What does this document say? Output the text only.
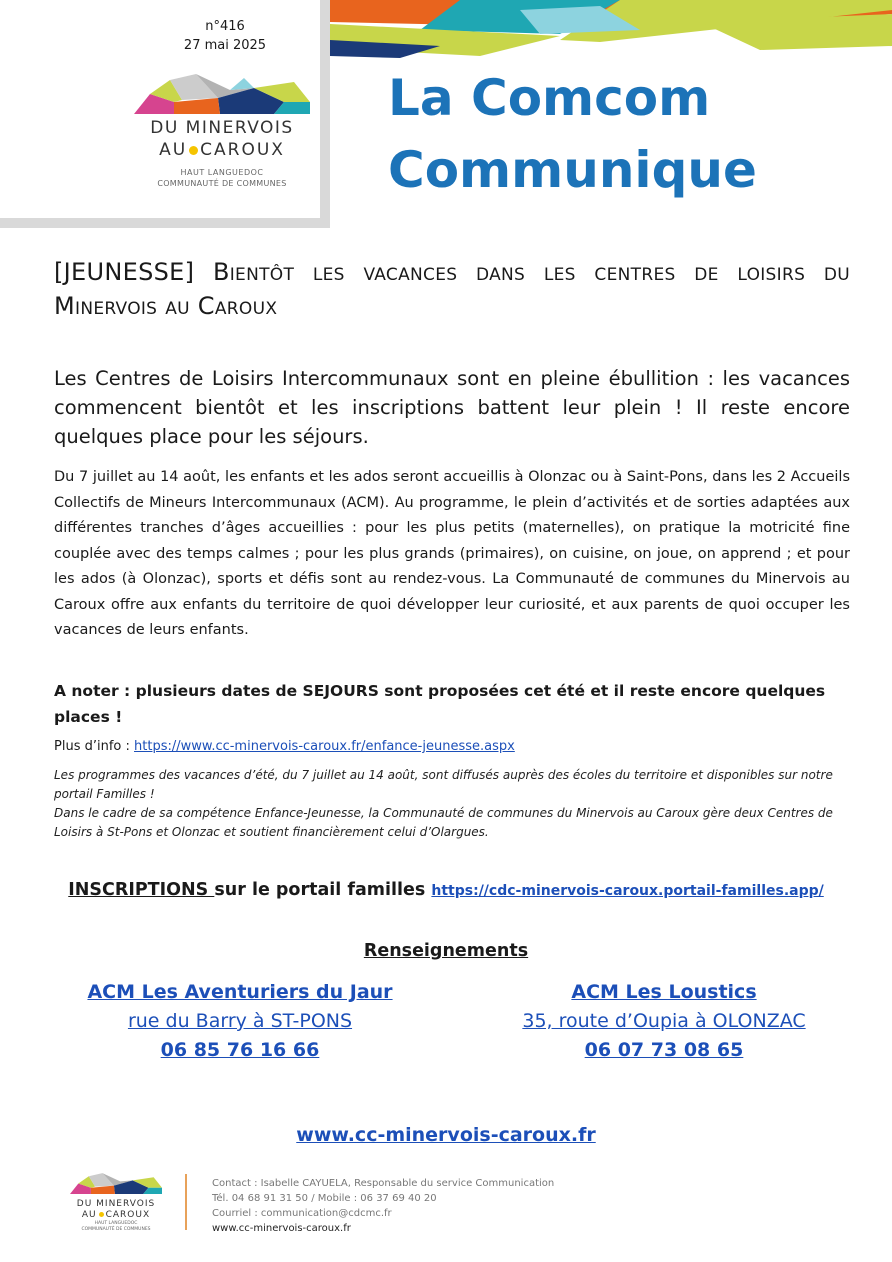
n°416
27 mai 2025
DU MINERVOIS
AU CAROUX
HAUT LANGUEDOC
COMMUNAUTÉ DE COMMUNES
La Comcom
Communique
[JEUNESSE] Bientôt les vacances dans les centres de loisirs du Minervois au Caroux
Les Centres de Loisirs Intercommunaux sont en pleine ébullition : les vacances commencent bientôt et les inscriptions battent leur plein ! Il reste encore quelques place pour les séjours.
Du 7 juillet au 14 août, les enfants et les ados seront accueillis à Olonzac ou à Saint-Pons, dans les 2 Accueils Collectifs de Mineurs Intercommunaux (ACM). Au programme, le plein d’activités et de sorties adaptées aux différentes tranches d’âges accueillies : pour les plus petits (maternelles), on pratique la motricité fine couplée avec des temps calmes ; pour les plus grands (primaires), on cuisine, on joue, on apprend ; et pour les ados (à Olonzac), sports et défis sont au rendez-vous. La Communauté de communes du Minervois au Caroux offre aux enfants du territoire de quoi développer leur curiosité, et aux parents de quoi occuper les vacances de leurs enfants.
A noter : plusieurs dates de SEJOURS sont proposées cet été et il reste encore quelques places !
Plus d’info : https://www.cc-minervois-caroux.fr/enfance-jeunesse.aspx
Les programmes des vacances d’été, du 7 juillet au 14 août, sont diffusés auprès des écoles du territoire et disponibles sur notre portail Familles !
Dans le cadre de sa compétence Enfance-Jeunesse, la Communauté de communes du Minervois au Caroux gère deux Centres de Loisirs à St-Pons et Olonzac et soutient financièrement celui d’Olargues.
INSCRIPTIONS sur le portail familles https://cdc-minervois-caroux.portail-familles.app/
Renseignements
ACM Les Aventuriers du Jaur
rue du Barry à ST-PONS
06 85 76 16 66
ACM Les Loustics
35, route d’Oupia à OLONZAC
06 07 73 08 65
www.cc-minervois-caroux.fr
DU MINERVOIS
AU CAROUX
HAUT LANGUEDOC
COMMUNAUTÉ DE COMMUNES
Contact : Isabelle CAYUELA, Responsable du service Communication
Tél. 04 68 91 31 50 / Mobile : 06 37 69 40 20
Courriel : communication@cdcmc.fr
www.cc-minervois-caroux.fr
